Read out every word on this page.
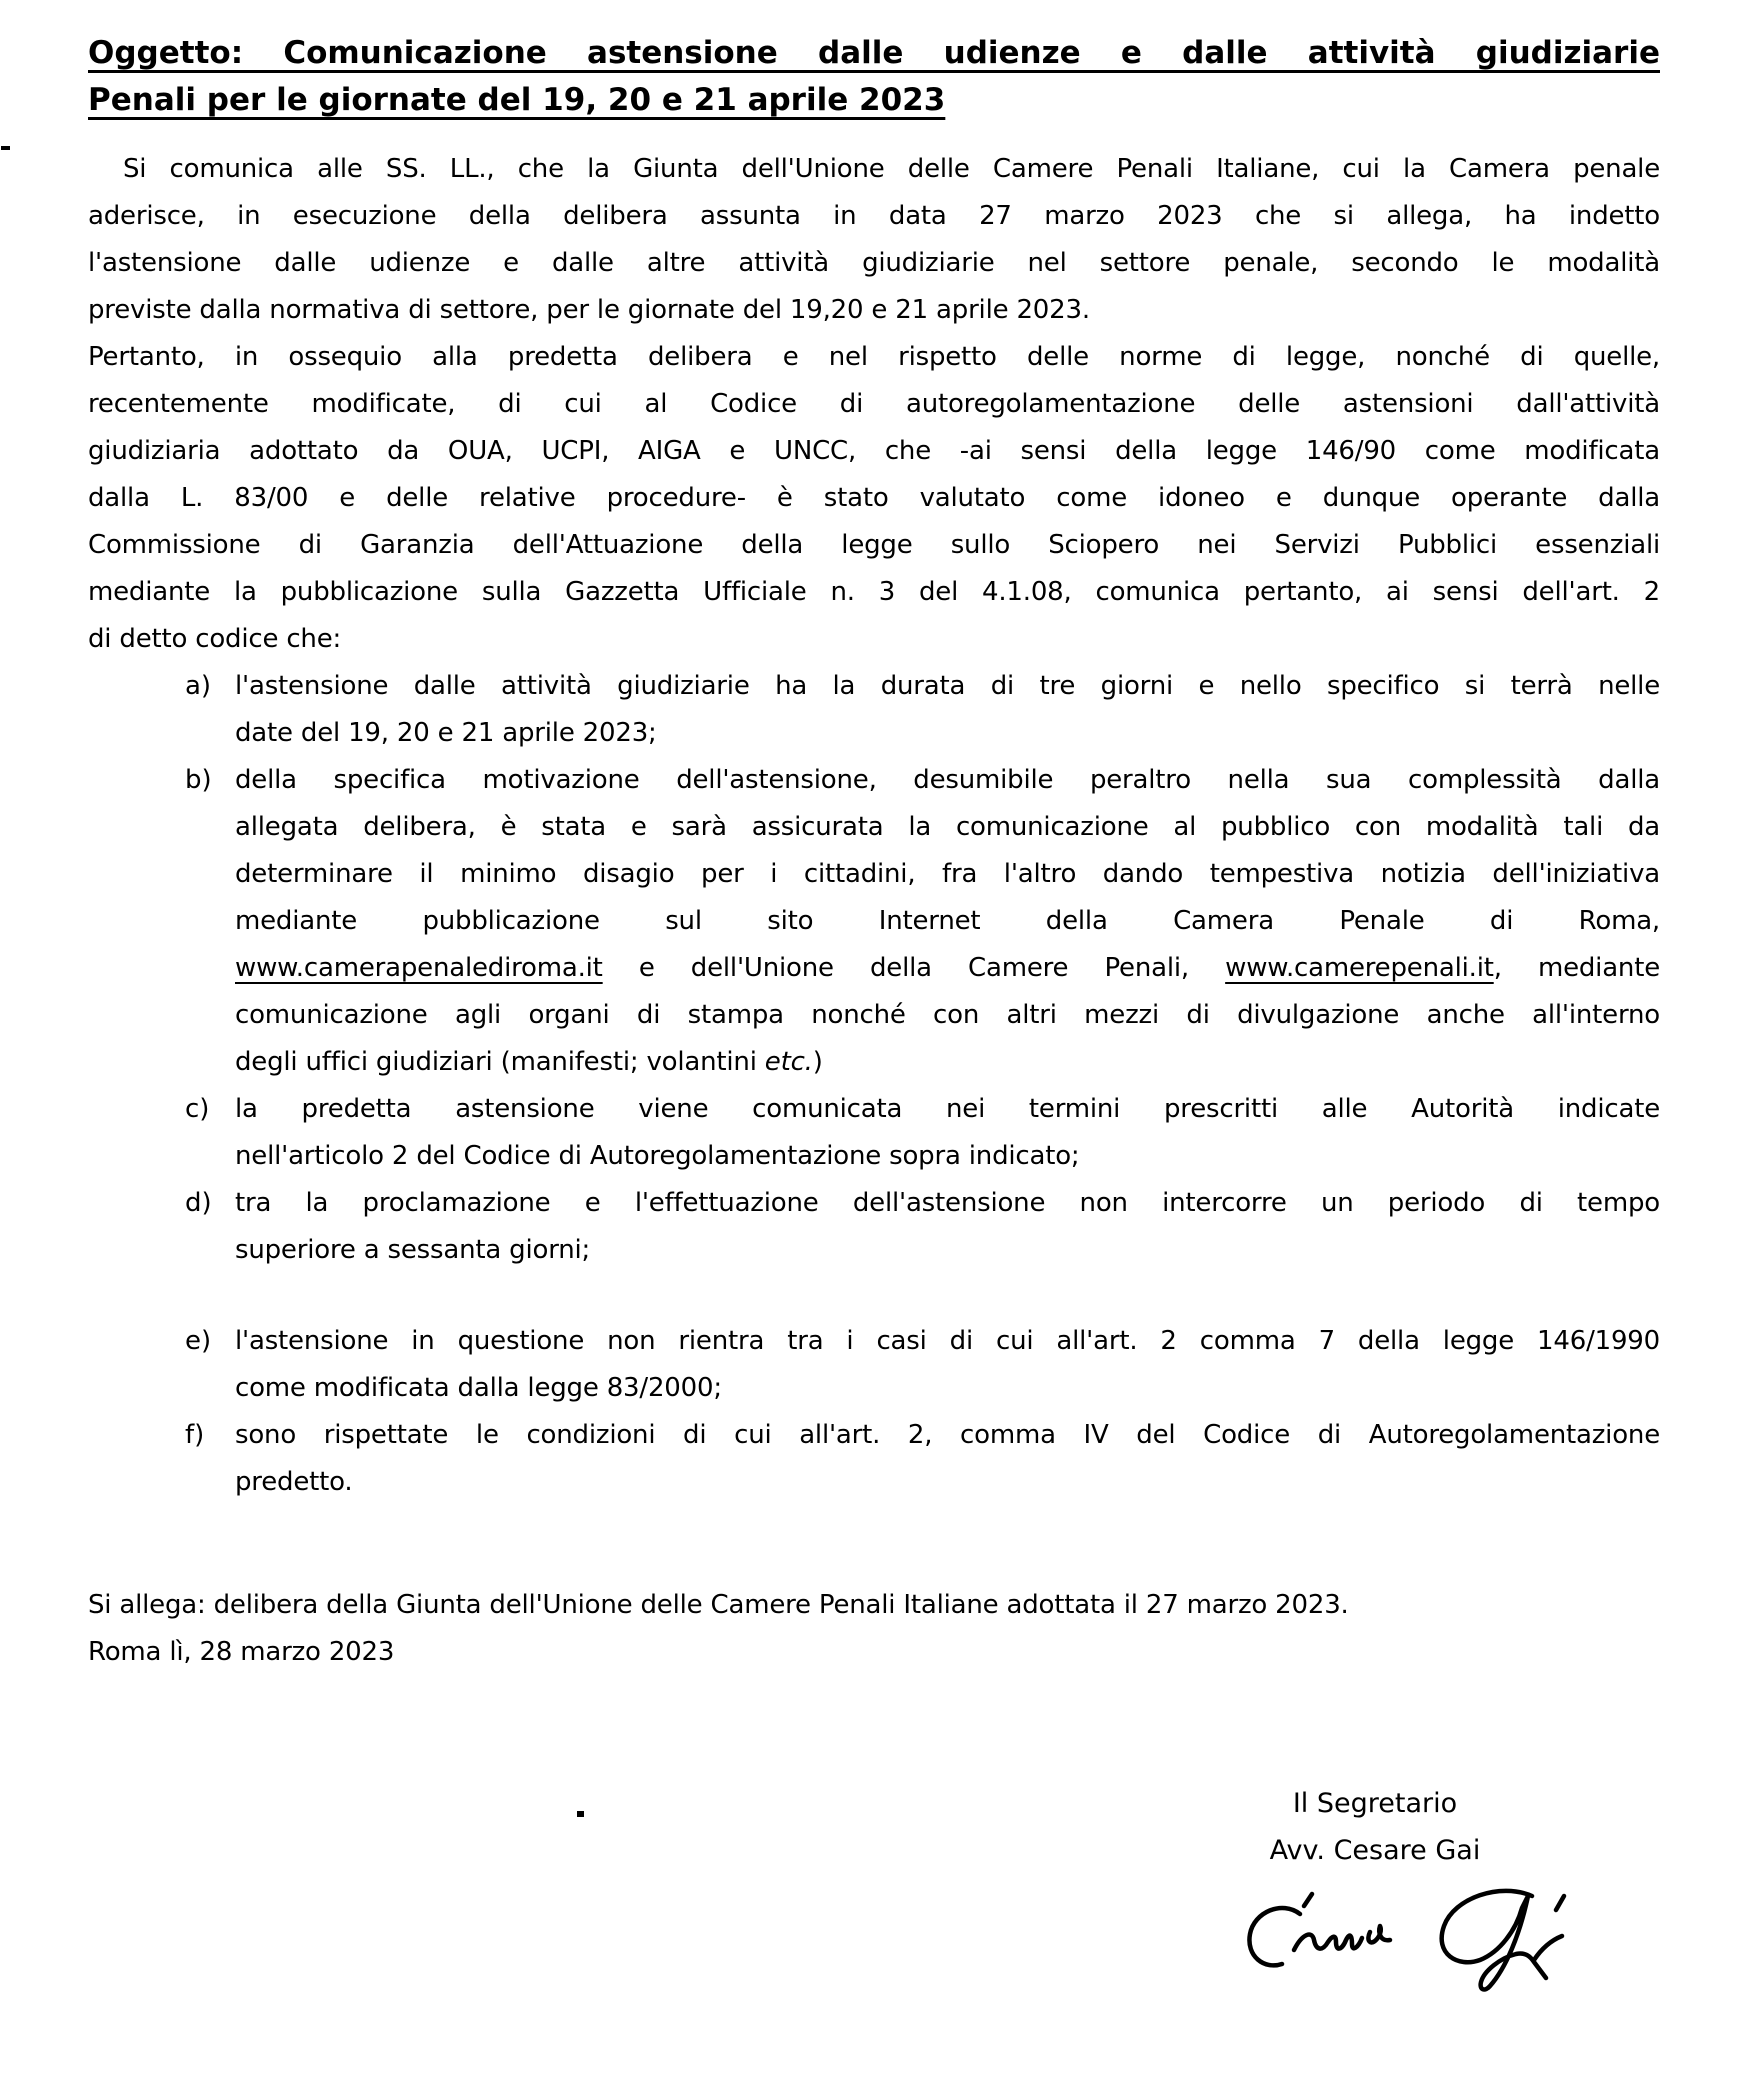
Oggetto: Comunicazione astensione dalle udienze e dalle attività giudiziarie
Penali per le giornate del 19, 20 e 21 aprile 2023
Si comunica alle SS. LL., che la Giunta dell'Unione delle Camere Penali Italiane, cui la Camera penale
aderisce, in esecuzione della delibera assunta in data 27 marzo 2023 che si allega, ha indetto
l'astensione dalle udienze e dalle altre attività giudiziarie nel settore penale, secondo le modalità
previste dalla normativa di settore, per le giornate del 19,20 e 21 aprile 2023.
Pertanto, in ossequio alla predetta delibera e nel rispetto delle norme di legge, nonché di quelle,
recentemente modificate, di cui al Codice di autoregolamentazione delle astensioni dall'attività
giudiziaria adottato da OUA, UCPI, AIGA e UNCC, che -ai sensi della legge 146/90 come modificata
dalla L. 83/00 e delle relative procedure- è stato valutato come idoneo e dunque operante dalla
Commissione di Garanzia dell'Attuazione della legge sullo Sciopero nei Servizi Pubblici essenziali
mediante la pubblicazione sulla Gazzetta Ufficiale n. 3 del 4.1.08, comunica pertanto, ai sensi dell'art. 2
di detto codice che:
a) l'astensione dalle attività giudiziarie ha la durata di tre giorni e nello specifico si terrà nelle
date del 19, 20 e 21 aprile 2023;
b) della specifica motivazione dell'astensione, desumibile peraltro nella sua complessità dalla
allegata delibera, è stata e sarà assicurata la comunicazione al pubblico con modalità tali da
determinare il minimo disagio per i cittadini, fra l'altro dando tempestiva notizia dell'iniziativa
mediante pubblicazione sul sito Internet della Camera Penale di Roma,
www.camerapenalediroma.it e dell'Unione della Camere Penali, www.camerepenali.it, mediante
comunicazione agli organi di stampa nonché con altri mezzi di divulgazione anche all'interno
degli uffici giudiziari (manifesti; volantini etc.)
c) la predetta astensione viene comunicata nei termini prescritti alle Autorità indicate
nell'articolo 2 del Codice di Autoregolamentazione sopra indicato;
d) tra la proclamazione e l'effettuazione dell'astensione non intercorre un periodo di tempo
superiore a sessanta giorni;
e) l'astensione in questione non rientra tra i casi di cui all'art. 2 comma 7 della legge 146/1990
come modificata dalla legge 83/2000;
f) sono rispettate le condizioni di cui all'art. 2, comma IV del Codice di Autoregolamentazione
predetto.
Si allega: delibera della Giunta dell'Unione delle Camere Penali Italiane adottata il 27 marzo 2023.
Roma lì, 28 marzo 2023
Il Segretario
Avv. Cesare Gai
